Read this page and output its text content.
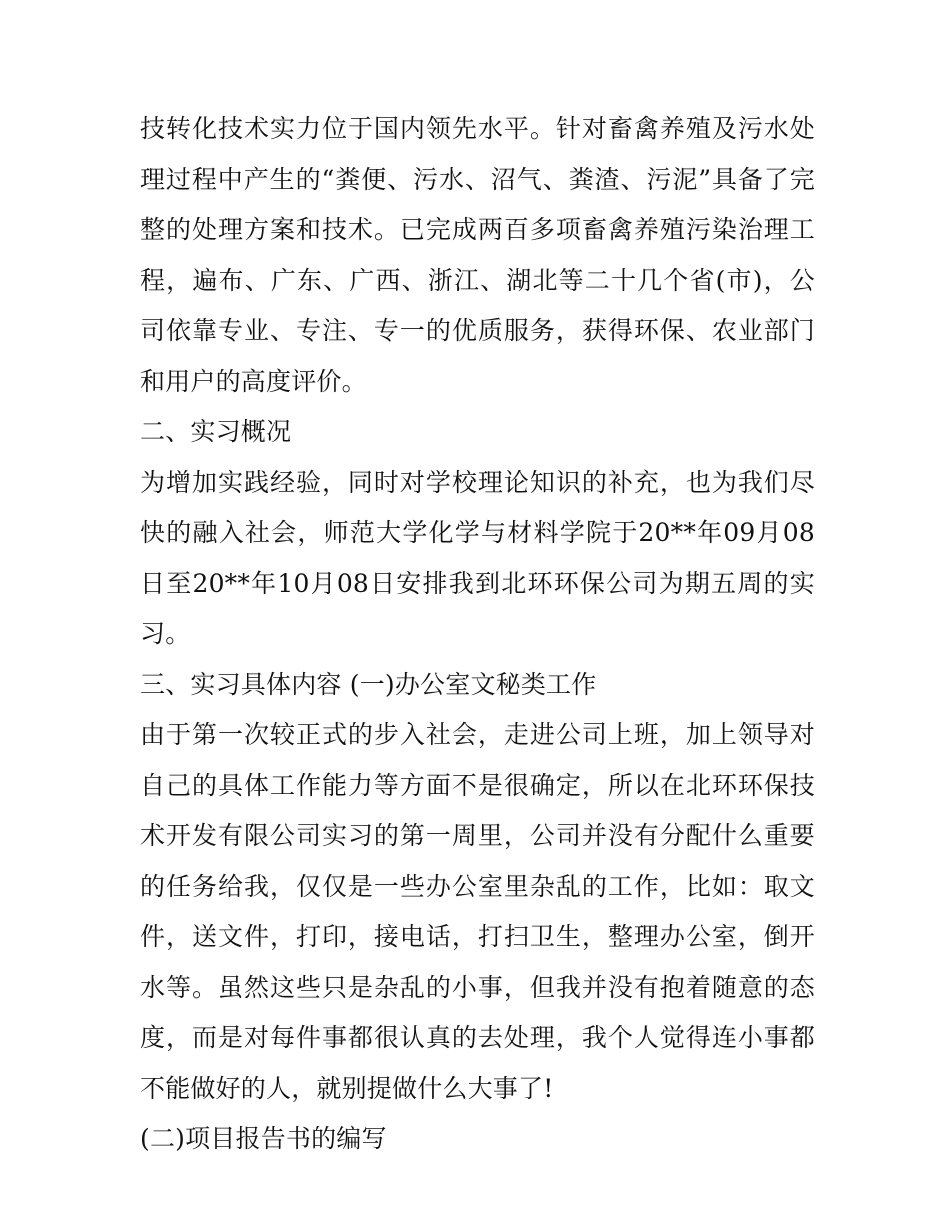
技转化技术实力位于国内领先水平。针对畜禽养殖及污水处理过程中产生的“粪便、污水、沼气、粪渣、污泥”具备了完整的处理方案和技术。已完成两百多项畜禽养殖污染治理工程，遍布、广东、广西、浙江、湖北等二十几个省(市)，公司依靠专业、专注、专一的优质服务，获得环保、农业部门和用户的高度评价。

二、实习概况

为增加实践经验，同时对学校理论知识的补充，也为我们尽快的融入社会，师范大学化学与材料学院于20**年09月08日至20**年10月08日安排我到北环环保公司为期五周的实习。

三、实习具体内容 (一)办公室文秘类工作

由于第一次较正式的步入社会，走进公司上班，加上领导对自己的具体工作能力等方面不是很确定，所以在北环环保技术开发有限公司实习的第一周里，公司并没有分配什么重要的任务给我，仅仅是一些办公室里杂乱的工作，比如：取文件，送文件，打印，接电话，打扫卫生，整理办公室，倒开水等。虽然这些只是杂乱的小事，但我并没有抱着随意的态度，而是对每件事都很认真的去处理，我个人觉得连小事都不能做好的人，就别提做什么大事了!

(二)项目报告书的编写
